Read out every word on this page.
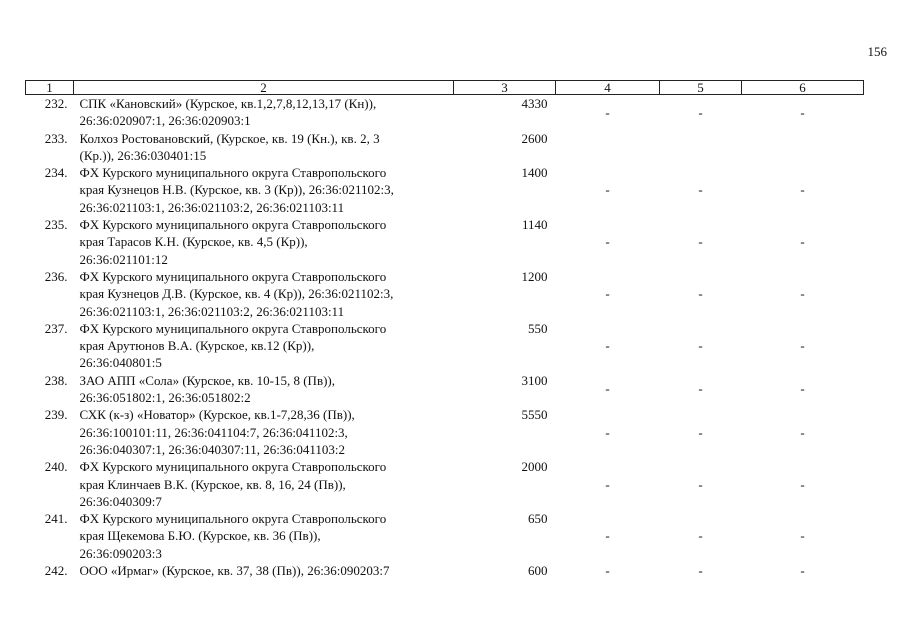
156
1	2	3	4	5	6
232.	СПК «Кановский» (Курское, кв.1,2,7,8,12,13,17 (Кн)),
26:36:020907:1, 26:36:020903:1	4330	-	-	-
233.	Колхоз Ростовановский, (Курское, кв. 19 (Кн.), кв. 2, 3
(Кр.)), 26:36:030401:15	2600			
234.	ФХ Курского муниципального округа Ставропольского
края Кузнецов Н.В. (Курское, кв. 3 (Кр)), 26:36:021102:3,
26:36:021103:1, 26:36:021103:2, 26:36:021103:11	1400	-	-	-
235.	ФХ Курского муниципального округа Ставропольского
края Тарасов К.Н. (Курское, кв. 4,5 (Кр)),
26:36:021101:12	1140	-	-	-
236.	ФХ Курского муниципального округа Ставропольского
края Кузнецов Д.В. (Курское, кв. 4 (Кр)), 26:36:021102:3,
26:36:021103:1, 26:36:021103:2, 26:36:021103:11	1200	-	-	-
237.	ФХ Курского муниципального округа Ставропольского
края Арутюнов В.А. (Курское, кв.12 (Кр)),
26:36:040801:5	550	-	-	-
238.	ЗАО АПП «Сола» (Курское, кв. 10-15, 8 (Пв)),
26:36:051802:1, 26:36:051802:2	3100	-	-	-
239.	СХК (к-з) «Новатор» (Курское, кв.1-7,28,36 (Пв)),
26:36:100101:11, 26:36:041104:7, 26:36:041102:3,
26:36:040307:1, 26:36:040307:11, 26:36:041103:2	5550	-	-	-
240.	ФХ Курского муниципального округа Ставропольского
края Клинчаев В.К. (Курское, кв. 8, 16, 24 (Пв)),
26:36:040309:7	2000	-	-	-
241.	ФХ Курского муниципального округа Ставропольского
края Щекемова Б.Ю. (Курское, кв. 36 (Пв)),
26:36:090203:3	650	-	-	-
242.	ООО «Ирмаг» (Курское, кв. 37, 38 (Пв)), 26:36:090203:7	600	-	-	-
